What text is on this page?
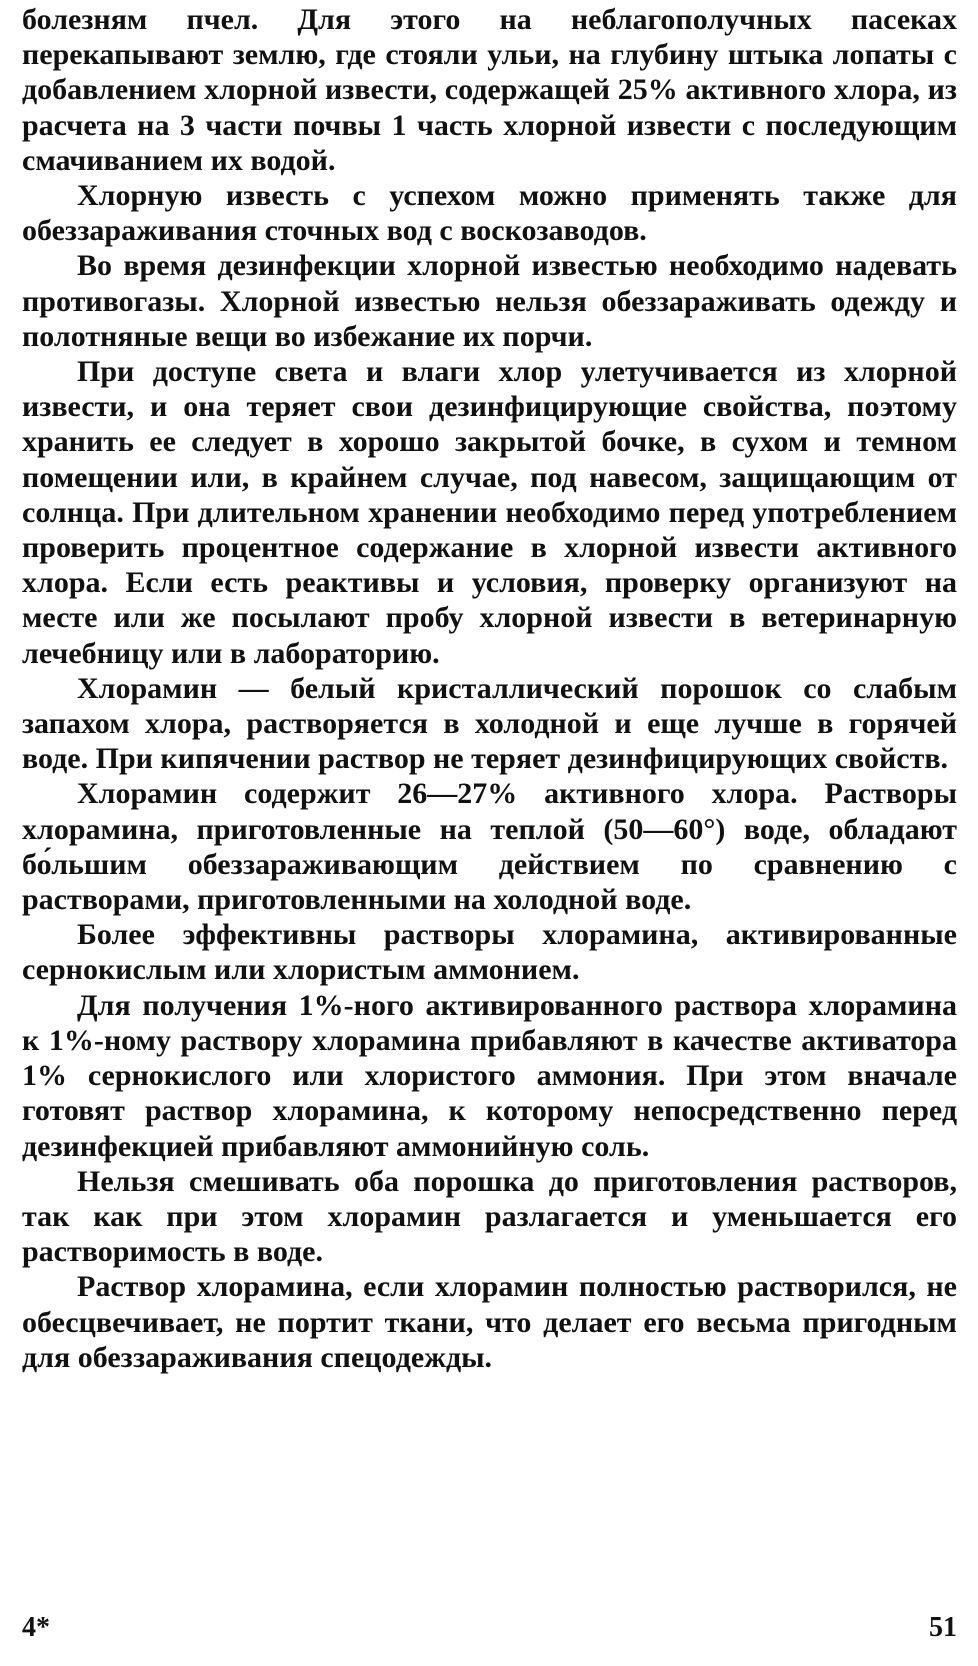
болезням пчел. Для этого на неблагополучных пасеках перекапывают землю, где стояли ульи, на глубину штыка лопаты с добавлением хлорной извести, содержащей 25% активного хлора, из расчета на 3 части почвы 1 часть хлорной извести с последующим смачиванием их водой.

Хлорную известь с успехом можно применять также для обеззараживания сточных вод с воскозаводов.

Во время дезинфекции хлорной известью необходимо надевать противогазы. Хлорной известью нельзя обеззараживать одежду и полотняные вещи во избежание их порчи.

При доступе света и влаги хлор улетучивается из хлорной извести, и она теряет свои дезинфицирующие свойства, поэтому хранить ее следует в хорошо закрытой бочке, в сухом и темном помещении или, в крайнем случае, под навесом, защищающим от солнца. При длительном хранении необходимо перед употреблением проверить процентное содержание в хлорной извести активного хлора. Если есть реактивы и условия, проверку организуют на месте или же посылают пробу хлорной извести в ветеринарную лечебницу или в лабораторию.

Хлорамин — белый кристаллический порошок со слабым запахом хлора, растворяется в холодной и еще лучше в горячей воде. При кипячении раствор не теряет дезинфицирующих свойств.

Хлорамин содержит 26—27% активного хлора. Растворы хлорамина, приготовленные на теплой (50—60°) воде, обладают бо́льшим обеззараживающим действием по сравнению с растворами, приготовленными на холодной воде.

Более эффективны растворы хлорамина, активированные сернокислым или хлористым аммонием.

Для получения 1%-ного активированного раствора хлорамина к 1%-ному раствору хлорамина прибавляют в качестве активатора 1% сернокислого или хлористого аммония. При этом вначале готовят раствор хлорамина, к которому непосредственно перед дезинфекцией прибавляют аммонийную соль.

Нельзя смешивать оба порошка до приготовления растворов, так как при этом хлорамин разлагается и уменьшается его растворимость в воде.

Раствор хлорамина, если хлорамин полностью растворился, не обесцвечивает, не портит ткани, что делает его весьма пригодным для обеззараживания спецодежды.

4*	51
